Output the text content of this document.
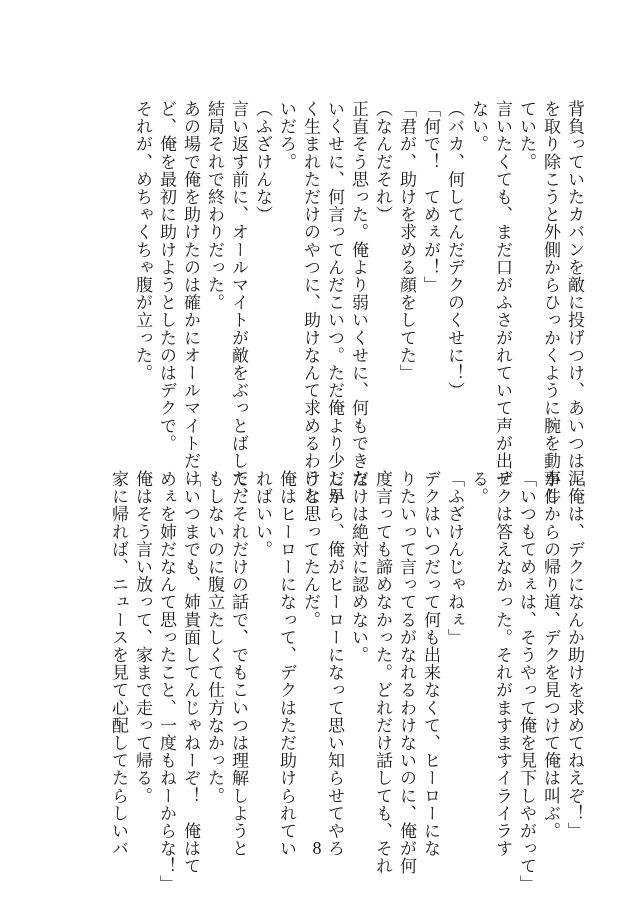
背負っていたカバンを敵に投げつけ、あいつは泥
を取り除こうと外側からひっかくように腕を動かし
ていた。
言いたくても、まだ口がふさがれていて声が出せ
ない。
（バカ、何してんだデクのくせに！）
「何で！　てめぇが！」
「君が、助けを求める顔をしてた」
（なんだそれ）
正直そう思った。俺より弱いくせに、何もできな
いくせに、何言ってんだこいつ。ただ俺より少し早
く生まれただけのやつに、助けなんて求めるわけな
いだろ。
（ふざけんな）
言い返す前に、オールマイトが敵をぶっとばして、
結局それで終わりだった。
あの場で俺を助けたのは確かにオールマイトだけ
ど、俺を最初に助けようとしたのはデクで。
それが、めちゃくちゃ腹が立った。
「俺は、デクになんか助けを求めてねえぞ！」
事件からの帰り道、デクを見つけて俺は叫ぶ。
「いつもてめぇは、そうやって俺を見下しやがって」
デクは答えなかった。それがますますイライラす
る。
「ふざけんじゃねぇ」
デクはいつだって何も出来なくて、ヒーローにな
りたいって言ってるがなれるわけないのに、俺が何
度言っても諦めなかった。どれだけ話しても、それ
だけは絶対に認めない。
だから、俺がヒーローになって思い知らせてやろ
うと思ってたんだ。
俺はヒーローになって、デクはただ助けられてい
ればいい。
ただそれだけの話で、でもこいつは理解しようと
もしないのに腹立たしくて仕方なかった。
「いつまでも、姉貴面してんじゃねーぞ！　俺はて
めぇを姉だなんて思ったこと、一度もねーからな！」
俺はそう言い放って、家まで走って帰る。
家に帰れば、ニュースを見て心配してたらしいバ	8
